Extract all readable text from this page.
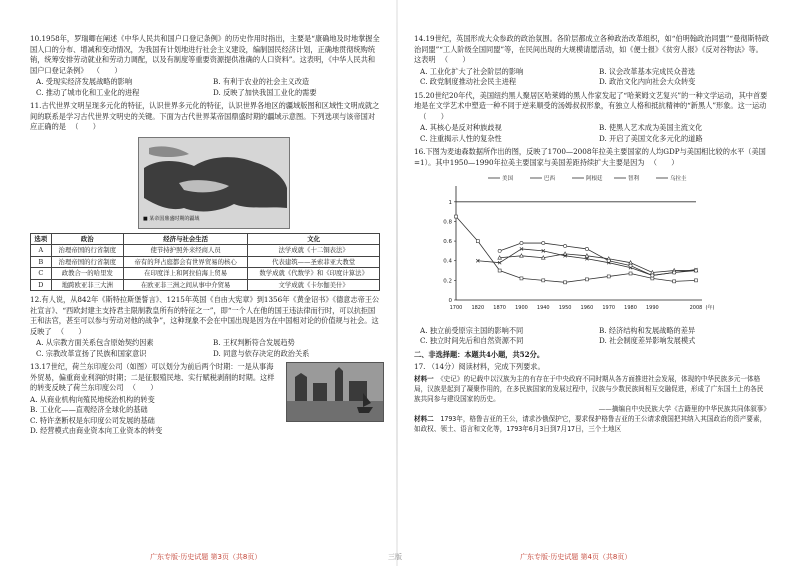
10.1958年，罗瑞卿在阐述《中华人民共和国户口登记条例》的历史作用时指出，主要是“康确地及时地掌握全国人口的分布、增减和变动情况，为我国有计划地进行社会主义建设，编制国民经济计划，正确地贯彻统购统销，统筹安排劳动就业和劳动力调配，以及有制度等重要资源提供准确的人口资料”。这表明，《中华人民共和国户口登记条例》 （　　）
A. 受现实经济发展战略的影响	B. 有利于农业的社会主义改造
C. 推动了城市化和工业化的进程	D. 反映了加快我国工业化的需要
11.古代世界文明呈现多元化的特征，认识世界多元化的特征，认识世界各地区的疆域版图和区域性文明成就之间的联系是学习古代世界文明史的关键。下面为古代世界某帝国鼎盛时期的疆域示意图。下列选项与该帝国对应正确的是 （　　）
■ 某帝国鼎盛时期的疆域
选项	政治	经济与社会生活	文化
A	治理帝国的行省制度	使节持护照外来经商人员	法学成就《十二铜表法》
B	治理帝国的行省制度	帝有的拜占庭都会有世界贸易的核心	代表建筑——圣索菲亚大教堂
C	政教合一的哈里发	在印度洋上和阿拉伯海上贸易	数学成就《代数学》和《印度计算法》
D	地跨欧亚非三大洲	在欧亚非三洲之间从事中介贸易	文学成就《卡尔伽美什》
12.有人说，从842年《斯特拉斯堡誓言》、1215年英国《自由大宪章》到1356年《黄金诏书》《德意志帝王公社宣言》、“西欧封建主支持君主限制教皇所有的特征之一”，即“一个人在他的国王违法律而行时，可以抗拒国王和法官，甚至可以参与劳动对他的战争”，这种现象不会在中国出现是因为在中国相对论的价值规与社会。这反映了 （　　）
A. 从宗教方面关系包含原始契约因素	B. 王权判断符合发展趋势
C. 宗教改革宣扬了民族和国家意识	D. 同意与依存决定的政治关系
13.17世纪，荷兰东印度公司（如图）可以划分为前后两个时期：一是从事海外贸易，偏重商业利润的时期；二是征服殖民地、实行赋税剥削的时期。这样的转变反映了荷兰东印度公司 （　　）
A. 从商业机构向殖民地统治机构的转变
B. 工业化——直观经济全球化的基础
C. 特许垄断权是东印度公司发展的基础
D. 经营模式由商业资本向工业资本的转变
14.19世纪，英国形成大众参政的政治氛围。各阶层都成立各种政治改革组织，如“伯明翰政治同盟”“曼彻斯特政治同盟”“工人阶级全国同盟”等，在民间出现的大规模请愿活动，如《便士报》《贫穷人报》《反对谷物法》等。这表明 （　　）
A. 工业化扩大了社会阶层的影响	B. 议会改革基本完成民众普选
C. 政党制度推动社会民主进程	D. 政治文化内向社会大众转变
15.20世纪20年代，美国纽约黑人聚居区哈莱姆的黑人作家发起了“哈莱姆文艺复兴”的一种文学运动，其中首要地是在文学艺术中塑造一种不同于逆来顺受的汤姆叔叔形象，有独立人格和抵抗精神的“新黑人”形象。这一运动（　　）
A. 其核心是反对种族歧视	B. 使黑人艺术成为美国主流文化
C. 注重揭示人性的复杂性	D. 开启了美国文化多元化的道路
16.下图为麦迪森数据所作出的图，反映了1700—2008年拉美主要国家的人均GDP与美国相比较的水平（美国=1）。其中1950—1990年拉美主要国家与美国差距持续扩大主要是因为 （　　）
0
0.2
0.4
0.6
0.8
1
1700 1820 1870 1900 1940 1950 1960 1970 1980 1990	2008 (年)
美国	巴西	阿根廷	智利	乌拉圭
A. 独立前受原宗主国的影响不同	B. 经济结构和发展战略的差异
C. 独立时间先后和自然资源不同	D. 社会制度差异影响发展模式
二、非选择题：本题共4小题，共52分。
17. （14分）阅读材料，完成下列要求。
材料一　 《史记》的记载中以汉族为主的有存在于中央政府不同时期从各方面推进社会发展，体现的中华民族多元一体格局，汉族是起到了凝聚作用的，在多民族国家的发展过程中，汉族与少数民族间相互交融促进，形成了广东国土上的各民族共同参与建设国家的历史。
——摘编自中央民族大学《古籍里的中华民族共同体叙事》
材料二　 1793年，格鲁吉亚的王公，请求沙俄保护它，要求保护格鲁吉亚的王公请求俄国把其纳入其国政治的资产要素，如政权、领土、语言和文化等，1793年6月3日到7月17日，三个土地区
广东专版·历史试题 第3页（共8页）	三版	广东专版·历史试题 第4页（共8页）
